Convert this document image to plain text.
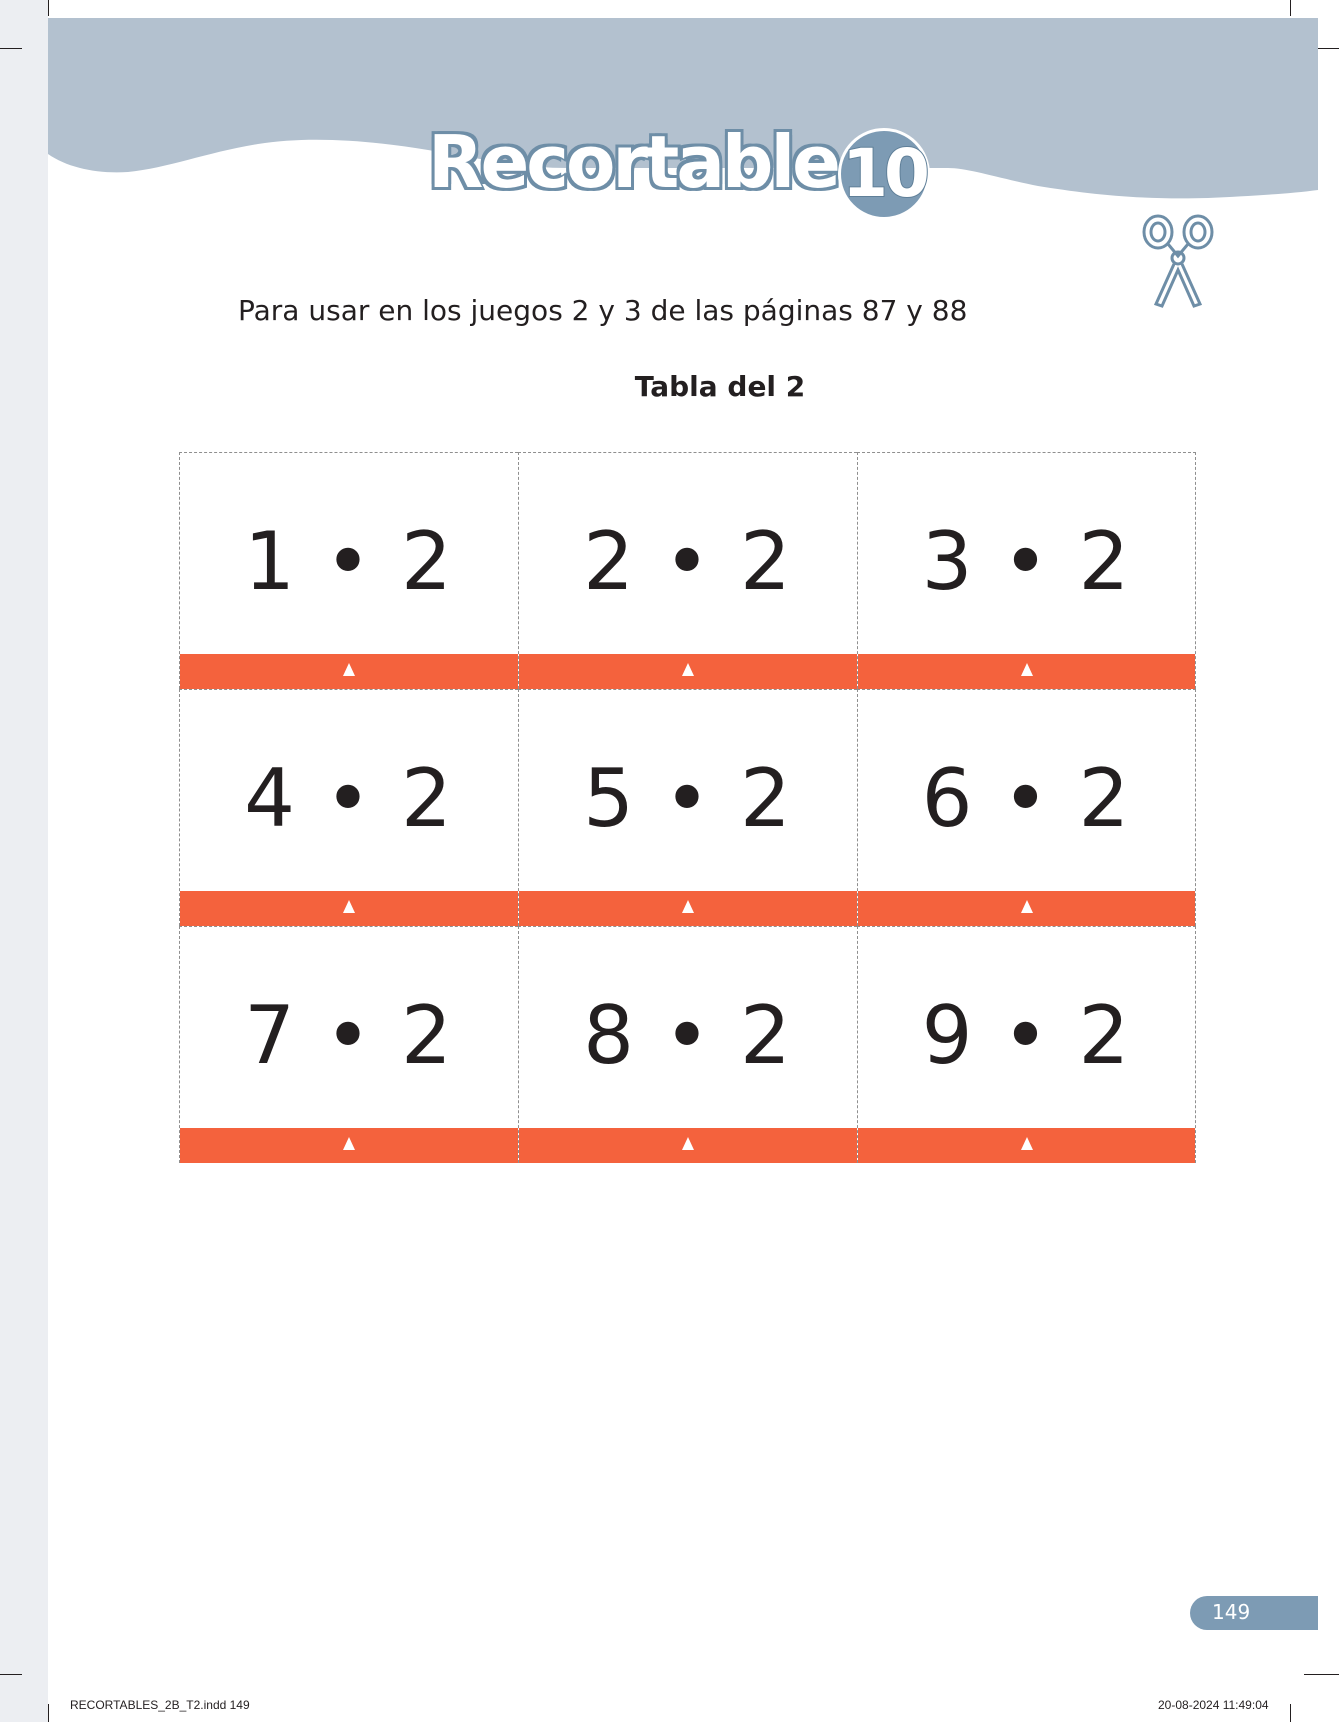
Recortable 10
Para usar en los juegos 2 y 3 de las páginas 87 y 88
Tabla del 2
1 • 2	2 • 2	3 • 2
4 • 2	5 • 2	6 • 2
7 • 2	8 • 2	9 • 2
149
RECORTABLES_2B_T2.indd 149	20-08-2024 11:49:04
